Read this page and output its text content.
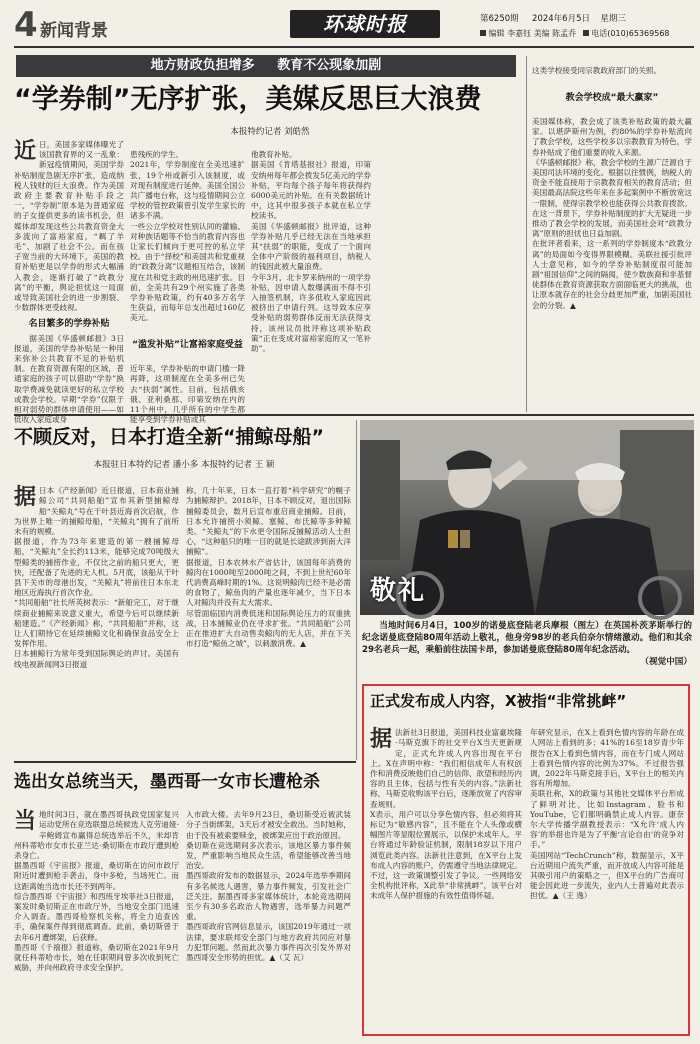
4 新闻背景	环球时报	第6250期 2024年6月5日 星期三
编辑 李嘉钰 美编 陈孟乔 电话(010)65369568
地方财政负担增多     教育不公现象加剧
“学券制”无序扩张，美媒反思巨大浪费
本报特约记者 刘皓然
近 日，美国多家媒体曝光了该国教育界的又一乱象：新冠疫情期间，美国学券补贴制度急剧无序扩张，造成纳税人钱财的巨大浪费。作为美国政府主要教育补贴手段之一，“学券制”原本是为普通家庭的子女提供更多的读书机会，但媒体却发现这些公共教育资金大多流向了富裕家庭，“羁了羊毛”、加剧了社会不公。而在孩子宽当前的大环境下，美国的教育补贴更是以学券的形式大幅涌入教会，逐渐打破了“政教分离”的平衡，舆论担忧这一局面或导致美国社会的进一步割裂、少数群体更受歧视。
名目繁多的学券补贴
据美国《华盛顿邮报》3日报道，美国的学券补贴是一种用来弥补公共教育不足的补贴机制。在教育资源有限的区域，普通家庭的孩子可以借助“学券”换取学费减免就读更好的私立学校或教会学校。早期“学券”仅限于相对弱势的群体申请使用——如低收入家庭或身

患残疾的学生。
2021年，学券制度在全美迅速扩张，19个州或新引入该制度，或对现有制度进行延伸。美国全国公共广播电台称，这与疫情期间公立学校的管控政策曾引发学生家长的诸多不满。
一些公立学校对性别认同的灌输、对种族话题等不恰当的教育内容也让家长们倾向于更可控的私立学校。由于“择校”和美国共和党重视的“政教分离”议题相互结合，该制度在共和党主政的州迅速扩张。目前，全美共有29个州实施了各类学券补贴政策，约有40多万名学生获益，而每年总支出超过160亿美元。

“滥发补贴”让富裕家庭受益

近年来，学券补贴的申请门槛一降再降，这项制度在全美多州已失去“扶弱”属性。目前，包括俄亥俄、亚利桑那、印第安纳在内的11个州中，几乎所有的中学生都能享受到学券补贴或其

他教育补贴。
据美国《肯塔基报社》报道，印第安纳州每年都会拨发5亿美元的学券补贴，平均每个孩子每年将获得约6000美元的补贴。在有关数据统计中，这其中很多孩子本就在私立学校读书。
美国《华盛顿邮报》批评道，这种学券补贴几乎已经无法在当地承担其“扶弱”的职能，变成了一个面向全体中产阶级的福利项目，纳税人的钱因此被大量浪费。
今年3月，北卡罗来纳州的一项学券补贴，因申请人数爆满而不得不引入抽签机制，许多低收入家庭因此被挤出了申请行列。这导致本应享受补贴的弱势群体反而无法获得支持，该州议员批评称这项补贴政策“正在变成对富裕家庭的又一笔补助”。

这类学校接受同宗教政府部门的关照。

教会学校成“最大赢家”

美国媒体称，教会成了该类补贴政策的最大赢家。以堪萨斯州为例，约80%的学券补贴流向了教会学校，这些学校多以宗教教育为特色，学券补贴成了他们重要的收入来源。
《华盛顿邮报》称，教会学校的生源广泛源自于美国司法环境的变化。根据以往惯例，纳税人的资金不能直接用于宗教教育相关的教育活动；但美国最高法院这些年来在多起案例中不断放宽这一限制，使得宗教学校也能获得公共教育拨款。在这一背景下，学券补贴制度的扩大无疑进一步推动了教会学校的发展，而美国社会对“政教分离”原则的担忧也日益加剧。
在批评者看来，这一系列的学券制度本“政教分离”的局面如今变得界限模糊。美联社援引批评人士意见称，如今的学券补贴制度很可能加剧“祖国信仰”之间的隔阂，使少数族裔和非基督徒群体在教育资源获取方面面临更大的挑战，也让原本就存在的社会分歧更加严重，加剧美国社会的分裂。▲

不顾反对，日本打造全新“捕鲸母船”
本报驻日本特约记者 潘小多 本报特约记者 王 颖

据日本《产经新闻》近日报道，日本商业捕鲸公司“共同船舶”宣布其新型捕鲸母船“关鲸丸”号在干叶县近海首次启航，作为世界上唯一的捕鲸母船，“关鲸丸”拥有了前所未有的规模。
据报道，作为73年来建造的第一艘捕鲸母船，“关鲸丸”全长约113米，能够完成70吨级大型鲸类的捕捞作业，不仅比之前的船只更大，更快，还配备了先进的无人机。5月底，该船从干叶县下关市的母港出发，“关鲸丸”将前往日本东北地区近海执行首次作业。
“共同船舶”社长所英树表示：“新船完工，对于继续商业捕鲸来说意义重大，希望今后可以继续新船建造。”《产经新闻》称，“共同船舶”并称，这让人们期待它在延续捕鲸文化和确保食品安全上发挥作用。
日本捕鲸行为常年受到国际舆论的声讨。美国有线电视新闻网3日报道

称，几十年来，日本一直打着“科学研究”的幌子为捕鲸辩护。2018年，日本不顾反对，退出国际捕鲸委员会，数月后宣布重启商业捕鲸。目前，日本允许捕捞小须鲸、塞鲸、布氏鲸等多种鲸类。“关鲸丸”的下水更令国际反捕鲸活动人士担心，“这种船只的唯一目的就是长途跋涉到南大洋捕鲸”。
据报道，日本农林水产省估计，该国每年消费的鲸肉在1000吨至2000吨之间，不到上世纪60年代消费高峰时期的1%。这说明鲸肉已经不是必需的食物了，鲸鱼肉的产量也逐年减少，当下日本人对鲸肉并没有太大需求。
尽管面临国内消费低迷和国际舆论压力的双重挑战，日本捕鲸业仍在寻求扩张。“共同船舶”公司正在推进扩大自动售卖鲸肉的无人店，并在下关市打造“鲸鱼之城”，以刺激消费。▲

敬礼
当地时间6月4日，100岁的诺曼底登陆老兵摩根（图左）在英国朴茨茅斯举行的纪念诺曼底登陆80周年活动上敬礼，他身旁98岁的老兵伯奈尔情绪激动。他们和其余29名老兵一起，乘船前往法国卡昂，参加诺曼底登陆80周年纪念活动。
（视觉中国）
选出女总统当天，墨西哥一女市长遭枪杀

当地时间3日，就在墨西哥执政党国家复兴运动党所在竞选联盟总统候选人克劳迪娅·辛鲍姆宣布赢得总统选举后不久，米却肯州科蒂哈市女市长亚兰达·桑切斯在市政厅遭到枪杀身亡。
据墨西哥《宇宙报》报道，桑切斯在访问市政厅附近时遭到枪手袭击，身中多枪，当场死亡。而这距离她当选市长还不到两年。
综合墨西哥《宇宙报》和西班牙埃菲社3日报道，案发时桑切斯正在市政厅外，当地安全部门迅速介入调查。墨西哥检察机关称，将全力追查凶手，确保案件得到彻底调查。此前，桑切斯曾于去年6月遭绑架，后获释。
墨西哥《千禧报》报道称，桑切斯在2021年9月就任科蒂哈市长，她在任职期间曾多次收到死亡威胁，并向州政府寻求安全保护。

入市政大楼。去年9月23日，桑切斯受近被武装分子当街绑架，3天后才被安全救出。当时她称，由于没有被索要赎金，被绑架应出于政治原因。
桑切斯在竞选期间多次表示，该地区暴力事件频发，严重影响当地民众生活，希望能够改善当地治安。
墨西哥政府发布的数据显示，2024年选举季期间有多名候选人遇害，暴力事件频发，引发社会广泛关注。据墨西哥多家媒体统计，本轮竞选期间至少有30多名政治人物遇害，选举暴力问题严重。
墨西哥政府官网信息显示，该国2019年通过一项法律，要求联邦安全部门与地方政府共同应对暴力犯罪问题。然而此次暴力事件再次引发外界对墨西哥安全形势的担忧。▲（艾 瓦）

正式发布成人内容，X被指“非常挑衅”

据法新社3日报道，美国科技业富豪埃隆·马斯克旗下的社交平台X当天更新规定，正式允许成人内容出现在平台上。X在声明中称：“我们相信成年人有权创作和消费反映他们自己的信仰、欲望和经历内容的且主体，包括与性有关的内容。”法新社称，马斯克收购该平台后，逐渐放宽了内容审查规则。
X表示，用户可以分享色情内容，但必须将其标记为“敏感内容”，且不能在个人头像或横幅图片等显眼位置展示，以保护未成年人。平台将通过年龄验证机制，限制18岁以下用户浏览此类内容。法新社注意到，在X平台上发布成人内容的账户，仍需遵守当地法律规定。
不过，这一政策调整引发了争议。一些网络安全机构批评称，X此举“非常挑衅”，该平台对未成年人保护措施的有效性值得怀疑。

年研究显示，在X上看到色情内容的年龄在成人网站上看到的多；41%的16至18岁青少年报告在X上看到色情内容，而在专门成人网站上看到色情内容的比例为37%。不过报告强调，2022年马斯克接手后，X平台上的相关内容有所增加。
美联社称，X的政策与其他社交媒体平台形成了鲜明对比，比如Instagram、脸书和YouTube，它们都明确禁止成人内容。康奈尔大学传播学副教授表示：“X允许‘成人内容’的举措也许是为了平衡‘言论自由’的竞争对手。”
美国网站“TechCrunch”称，数据显示，X平台近期用户流失严重，而开放成人内容可能是其吸引用户的策略之一，但X平台的广告商可能会因此进一步流失，业内人士普遍对此表示担忧。▲（王 逸）
